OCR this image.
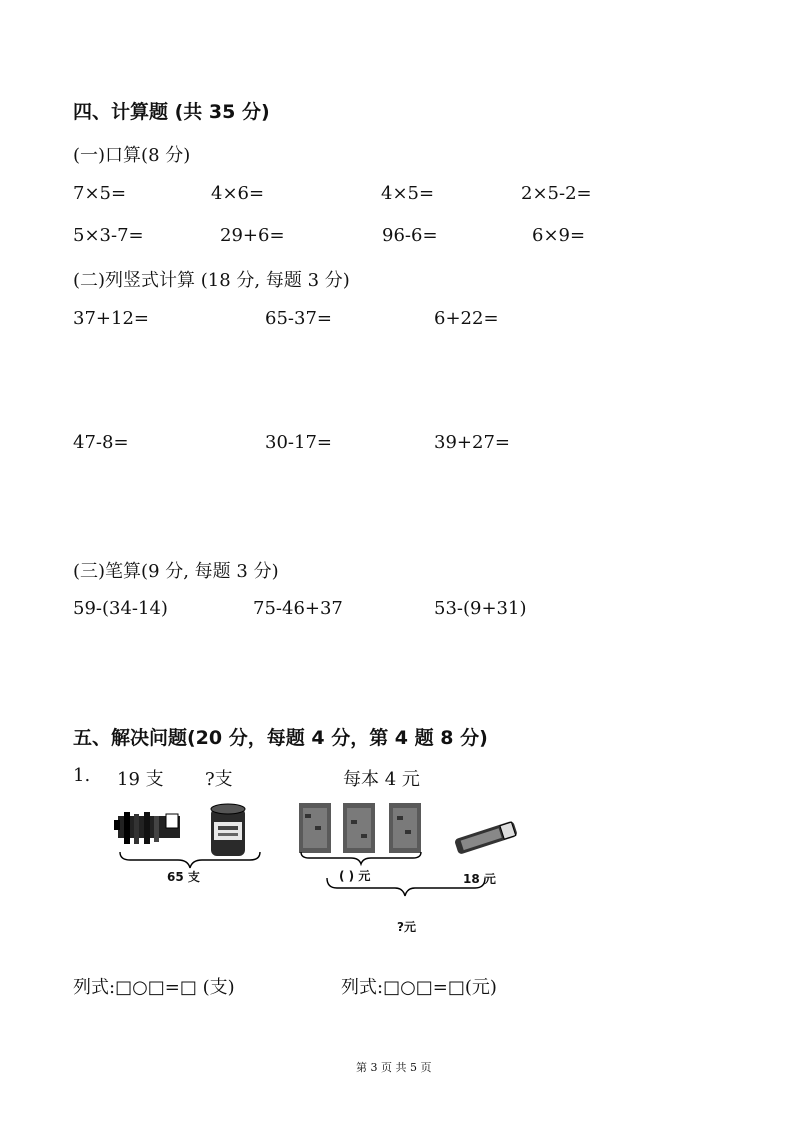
四、计算题 (共 35 分)
(一)口算(8 分)
7×5=	4×6=	4×5=	2×5-2=
5×3-7=	29+6=	96-6=	6×9=
(二)列竖式计算 (18 分, 每题 3 分)
37+12=	65-37=	6+22=
47-8=	30-17=	39+27=
(三)笔算(9 分, 每题 3 分)
59-(34-14)	75-46+37	53-(9+31)
五、解决问题(20 分，每题 4 分，第 4 题 8 分)
1. 19 支 ?支	每本 4 元
65 支	( ) 元	18 元
?元
列式:□○□=□ (支)	列式:□○□=□(元)
第 3 页 共 5 页
